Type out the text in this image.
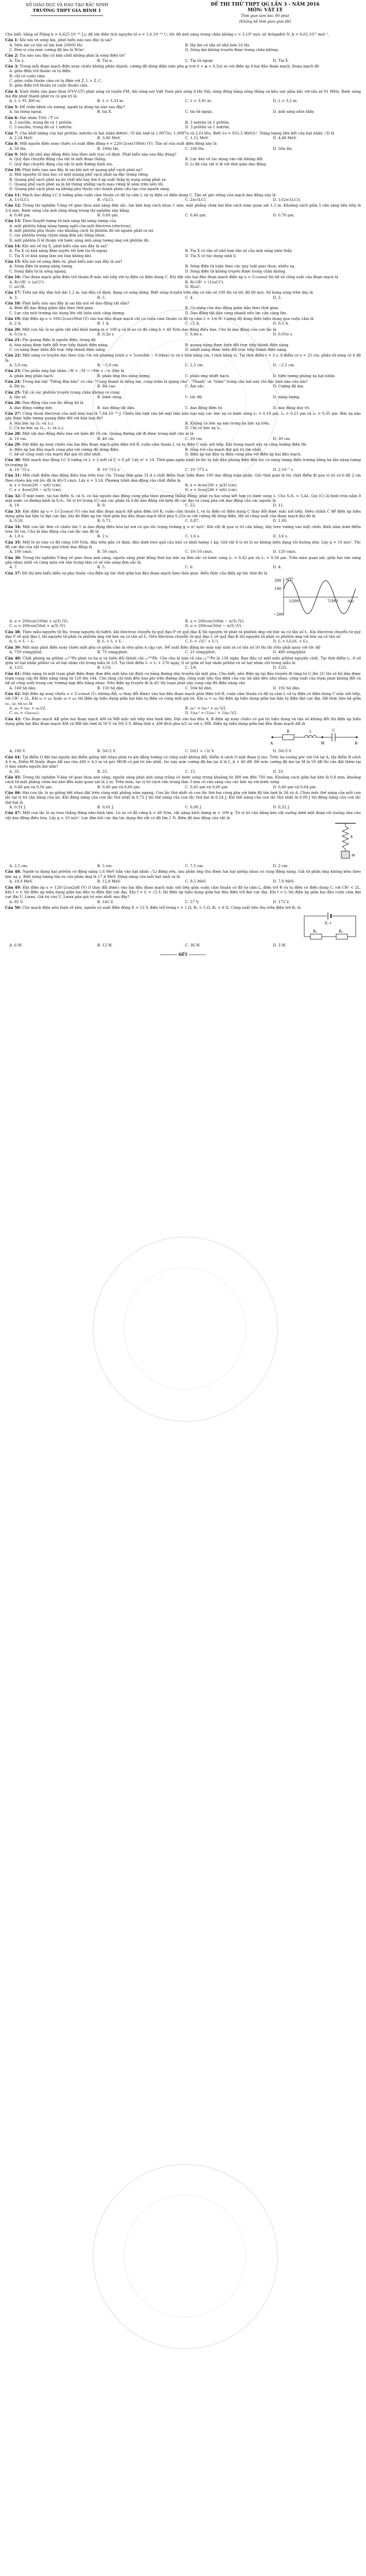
SỞ GIÁO DỤC VÀ ĐÀO TẠO BẮC NINH
TRƯỜNG THPT GIA BÌNH 1
ĐỀ THI THỬ THPT QG LẦN 3 - NĂM 2016
MÔN: VẬT LÝ
Thời gian làm bài: 90 phút
(Không kể thời gian giao đề)
Cho biết: hằng số Plăng h = 6,625.10⁻³⁴ J.s; độ lớn điện tích nguyên tố e = 1,6.10⁻¹⁹ C; tốc độ ánh sáng trong chân không c = 3.10⁸ m/s; số Avôgađrô N_A = 6,02.10²³ mol⁻¹.
Câu 1: Khi nói về sóng âm, phát biểu nào sau đây là sai?
A. Siêu âm có tần số lớn hơn 20000 Hz.	B. Hạ âm có tần số nhỏ hơn 16 Hz.
C. Đơn vị của mức cường độ âm là W/m².	D. Sóng âm không truyền được trong chân không.
Câu 2: Tia nào sau đây có bản chất không phải là sóng điện từ?
A. Tia γ.	B. Tia α.	C. Tia tử ngoại.	D. Tia X.
Câu 3: Trong mỗi đoạn mạch điện xoay chiều không phân nhánh, cường độ dòng điện sớm pha φ (với 0 < φ < 0,5π) so với điện áp ở hai đầu đoạn mạch. Đoạn mạch đó
A. gồm điện trở thuần và tụ điện.
B. chỉ có cuộn cảm.
C. gồm cuộn thuần cảm và tụ điện với Z_L > Z_C.
D. gồm điện trở thuần và cuộn thuần cảm.
Câu 4: Kính thiên văn giao thoa (VVV-GT) phát sóng vô tuyến FM, dài sóng nói Việt Nam phủ sóng ở Hà Nội, sóng đồng bằng sông Hồng và khu vực phía bắc với tần số 91 MHz. Bước sóng mà đài phát thanh phát ra có giá trị là
A. λ = 91,300 m.	B. λ = 3,33 m.	C. λ = 3,91 m.	D. λ = 3,2 m.
Câu 5: Để chữa bệnh còi xương, người ta dùng tia nào sau đây?
A. tia hồng ngoại.	B. tia X.	C. tia tử ngoại.	D. ánh sáng nhìn thấy.
Câu 6: Hạt nhân Triti ₁³T có
A. 3 nuclôn, trong đó có 1 prôtôn.	B. 3 nơtrôn và 1 prôtôn.
C. 3 nuclôn, trong đó có 1 nơtrôn.	D. 3 prôtôn và 1 nơtrôn.
Câu 7: Cho khối lượng của hạt prôtôn; nơtrôn và hạt nhân đơteri ₁²D lần lượt là 1,0073u; 1,0087u và 2,0136u. Biết 1u = 931,5 MeV/c². Năng lượng liên kết của hạt nhân ₁²D là
A. 2,24 MeV.	B. 3,06 MeV.	C. 1,12 MeV.	D. 4,48 MeV.
Câu 8: Một nguồn điện xoay chiều có suất điện động e = 220√2cos(100πt) (V). Tần số của suất điện động này là
A. 50 Hz.	B. 100π Hz.	C. 100 Hz.	D. 50π Hz.
Câu 9: Một vật nhỏ dao động điều hòa theo một trục cố định. Phát biểu nào sau đây đúng?
A. Quỹ đạo chuyển động của vật là một đoạn thẳng.	B. Lực kéo về tác dụng vào vật không đổi.
C. Quỹ đạo chuyển động của vật là một đường hình sin.	D. Li độ của vật tỉ lệ với thời gian dao động.
Câu 10: Phát biểu nào sau đây là sai khi nói về quang phổ vạch phát xạ?
A. Mỗi nguyên tố hóa học có một quang phổ vạch phát xạ đặc trưng riêng.
B. Quang phổ vạch phát xạ do chất khí hay hơi ở áp suất thấp bị nung nóng phát ra.
C. Quang phổ vạch phát xạ là hệ thống những vạch màu riêng lẻ nằm trên nền tối.
D. Quang phổ vạch phát xạ không phụ thuộc vào thành phần cấu tạo của nguồn sáng.
Câu 11: Mạch dao động LC lí tưởng gồm cuộn cảm thuần có độ tự cảm L và tụ điện có điện dung C. Tần số góc riêng của mạch dao động này là
A. 1/√(LC).	B. √(LC).	C. 2π√(LC).	D. 1/(2π√(LC)).
Câu 12: Trong thí nghiệm Y-âng về giao thoa ánh sáng đơn sắc, hai khe hẹp cách nhau 1 mm, mặt phẳng chứa hai khe cách màn quan sát 1,5 m. Khoảng cách giữa 5 vân sáng liên tiếp là 3,6 mm. Bước sóng của ánh sáng dùng trong thí nghiệm này bằng
A. 0,48 μm.	B. 0,60 μm.	C. 0,40 μm.	D. 0,76 μm.
Câu 13: Theo thuyết lượng tử ánh sáng thì năng lượng của
A. một phôtôn bằng năng lượng nghỉ của một êlectron (electron).
B. một phôtôn phụ thuộc vào khoảng cách từ phôtôn đó tới nguồn phát ra nó.
C. các phôtôn trong chùm sáng đơn sắc bằng nhau.
D. một phôtôn tỉ lệ thuận với bước sóng ánh sáng tương ứng với phôtôn đó.
Câu 14: Khi nói về tia X, phát biểu nào sau đây là sai?
A. Tia X có khả năng đâm xuyên tốt hơn tia tử ngoại.	B. Tia X có tần số nhỏ hơn tần số của ánh sáng nhìn thấy.
C. Tia X có khả năng làm ion hóa không khí.	D. Tia X có tác dụng sinh lí.
Câu 15: Khi nói về sóng điện từ, phát biểu nào sau đây là sai?
A. Sóng điện từ mang năng lượng.	B. Sóng điện từ tuân theo các quy luật giao thoa, nhiễu xạ.
C. Sóng điện từ là sóng ngang.	D. Sóng điện từ không truyền được trong chân không.
Câu 16: Cho đoạn mạch gồm điện trở thuần R mắc nối tiếp với tụ điện có điện dung C. Khi đặt vào hai đầu đoạn mạch điện áp u = U₀cosωt thì hệ số công suất của đoạn mạch là
A. R/√(R² + (ωC)²).	B. R/√(R² + (1/ωC)²).
C. ωC/R.	D. R/ωC.
Câu 17: Trên sợi dây đàn hồi dài 1,2 m, hai đầu cố định, đang có sóng dừng. Biết sóng truyền trên dây có tần số 100 Hz và tốc độ 80 m/s. Số bụng sóng trên dây là
A. 3.	B. 5.	C. 4.	D. 2.
Câu 18: Phát biểu nào sau đây là sai khi nói về dao động tắt dần?
A. Biên độ dao động giảm dần theo thời gian.	B. Cơ năng của dao động giảm dần theo thời gian.
C. Lực cản môi trường tác dụng lên vật luôn sinh công dương.	D. Dao động tắt dần càng nhanh nếu lực cản càng lớn.
Câu 19: Đặt điện áp u = 100√2cos100πt (V) vào hai đầu đoạn mạch chỉ có cuộn cảm thuần có độ tự cảm L = 1/π H. Cường độ dòng điện hiệu dụng qua cuộn cảm là
A. 2 A.	B. 1 A.	C. √2 A.	D. 0,5 A.
Câu 20: Một con lắc lò xo gồm vật nhỏ khối lượng m = 100 g và lò xo có độ cứng k = 40 N/m dao động điều hòa. Chu kì dao động của con lắc là
A. 0,1π s.	B. 0,2π s.	C. 0,4π s.	D. 0,05π s.
Câu 21: Pin quang điện là nguồn điện, trong đó
A. hóa năng được biến đổi trực tiếp thành điện năng.	B. quang năng được biến đổi trực tiếp thành điện năng.
C. cơ năng được biến đổi trực tiếp thành điện năng.	D. nhiệt năng được biến đổi trực tiếp thành điện năng.
Câu 22: Một sóng cơ truyền dọc theo trục Ox với phương trình u = 5cos(8πt − 0,04πx) (u và x tính bằng cm, t tính bằng s). Tại thời điểm t = 3 s, ở điểm có x = 25 cm, phần tử sóng có li độ là
A. 5,0 cm.	B. −5,0 cm.	C. 2,5 cm.	D. −2,5 cm.
Câu 23: Cho phản ứng hạt nhân ₁²H + ₁³H → ₂⁴He + ₀¹n. Đây là
A. phản ứng phân hạch.	B. phản ứng thu năng lượng.	C. phản ứng nhiệt hạch.	D. hiện tượng phóng xạ hạt nhân.
Câu 24: Trong bài hát "Tiếng đàn bầu" có câu: "Cung thanh là tiếng mẹ, cung trầm là giọng cha". "Thanh" và "trầm" trong câu hát này chỉ đặc tính nào của âm?
A. Độ to.	B. Độ cao.	C. Âm sắc.	D. Cường độ âm.
Câu 25: Tất cả các phôtôn truyền trong chân không có cùng
A. tần số.	B. bước sóng.	C. tốc độ.	D. năng lượng.
Câu 26: Dao động của con lắc đồng hồ là
A. dao động cưỡng bức.	B. dao động tắt dần.	C. dao động điện từ.	D. dao động duy trì.
Câu 27: Công thoát êlectron của một kim loại là 7,64.10⁻¹⁹ J. Chiếu lần lượt vào bề mặt tấm kim loại này các bức xạ có bước sóng λ₁ = 0,18 μm, λ₂ = 0,21 μm và λ₃ = 0,35 μm. Bức xạ nào gây được hiện tượng quang điện đối với kim loại đó?
A. Hai bức xạ (λ₁ và λ₂).	B. Không có bức xạ nào trong ba bức xạ trên.
C. Cả ba bức xạ (λ₁, λ₂ và λ₃).	D. Chỉ có bức xạ λ₁.
Câu 28: Một vật dao động điều hòa với biên độ 10 cm. Quãng đường vật đi được trong một chu kì là
A. 10 cm.	B. 40 cm.	C. 20 cm.	D. 30 cm.
Câu 29: Đặt điện áp xoay chiều vào hai đầu đoạn mạch gồm điện trở R, cuộn cảm thuần L và tụ điện C mắc nối tiếp. Khi trong mạch xảy ra cộng hưởng điện thì
A. điện áp hai đầu mạch cùng pha với cường độ dòng điện.	B. tổng trở của mạch đạt giá trị lớn nhất.
C. hệ số công suất của mạch đạt giá trị nhỏ nhất.	D. điện áp hai đầu tụ điện cùng pha với điện áp hai đầu mạch.
Câu 30: Một mạch dao động LC lí tưởng có L = 2 mH và C = 8 pF. Lấy π² = 10. Thời gian ngắn nhất từ lúc tụ bắt đầu phóng điện đến lúc có năng lượng điện trường bằng ba lần năng lượng từ trường là
A. 10⁻⁷/3 s.	B. 10⁻⁶/15 s.	C. 10⁻⁵/75 s.	D. 2.10⁻⁷ s.
Câu 31: Một chất điểm dao động điều hòa trên trục Ox. Trong thời gian 31,4 s chất điểm thực hiện được 100 dao động toàn phần. Gốc thời gian là lúc chất điểm đi qua vị trí có li độ 2 cm theo chiều âm với tốc độ là 40√3 cm/s. Lấy π = 3,14. Phương trình dao động của chất điểm là
A. x = 6cos(20t − π/6) (cm).	B. x = 4cos(20t + π/3) (cm).
C. x = 4cos(20t − π/3) (cm).	D. x = 6cos(20t + π/6) (cm).
Câu 32: Ở mặt nước, tại hai điểm S₁ và S₂ có hai nguồn dao động cùng pha theo phương thẳng đứng, phát ra hai sóng kết hợp có bước sóng λ. Cho S₁S₂ = 5,4λ. Gọi (C) là hình tròn nằm ở mặt nước có đường kính là S₁S₂. Số vị trí trong (C) mà các phần tử ở đó dao động với biên độ cực đại và cùng pha với dao động của các nguồn là
A. 18.	B. 9.	C. 22.	D. 11.
Câu 33: Đặt điện áp u = U√2cosωt (V) vào hai đầu đoạn mạch AB gồm điện trở R, cuộn cảm thuần L và tụ điện có điện dung C thay đổi được mắc nối tiếp. Điều chỉnh C để điện áp hiệu dụng giữa hai bản tụ đạt cực đại, khi đó điện áp tức thời giữa hai đầu đoạn mạch lệch pha 0,25π so với cường độ dòng điện. Hệ số công suất của đoạn mạch khi đó là
A. 0,50.	B. 0,71.	C. 0,87.	D. 1,00.
Câu 34: Một con lắc đơn có chiều dài 1 m dao động điều hòa tại nơi có gia tốc trọng trường g = π² m/s². Khi vật đi qua vị trí cân bằng, dây treo vướng vào một chiếc đinh nằm dưới điểm treo 36 cm. Chu kì dao động của con lắc sau đó là
A. 1,8 s.	B. 2 s.	C. 1,6 s.	D. 3,6 s.
Câu 35: Một lò xo nhẹ có độ cứng 100 N/m, đầu trên gắn cố định, đầu dưới treo quả cầu nhỏ có khối lượng 1 kg. Giữ vật ở vị trí lò xo không biến dạng rồi buông nhẹ. Lấy g = 10 m/s². Tốc độ cực đại của vật trong quá trình dao động là
A. 100 cm/s.	B. 50 cm/s.	C. 10√10 cm/s.	D. 120 cm/s.
Câu 36: Trong thí nghiệm Y-âng về giao thoa ánh sáng, nguồn sáng phát đồng thời hai bức xạ đơn sắc có bước sóng λ₁ = 0,42 μm và λ₂ = 0,56 μm. Trên màn quan sát, giữa hai vân sáng gần nhau nhất và cùng màu với vân trung tâm có số vân sáng đơn sắc là
A. 7.	B. 5.	C. 6.	D. 4.
Câu 37: Đồ thị bên biểu diễn sự phụ thuộc của điện áp tức thời giữa hai đầu đoạn mạch theo thời gian. Biểu thức của điện áp tức thời đó là
200
100
−200
u(V)
t(s)
1/300	7/300
A. u = 200cos(100πt + π/3) (V).	B. u = 200cos(100πt − π/3) (V).
C. u = 200cos(50πt + π/3) (V).	D. u = 200cos(50πt − π/3) (V).
Câu 38: Theo mẫu nguyên tử Bo, trong nguyên tử hiđrô, khi êlectron chuyển từ quỹ đạo P về quỹ đạo K thì nguyên tử phát ra phôtôn ứng với bức xạ có tần số f₁. Khi êlectron chuyển từ quỹ đạo P về quỹ đạo L thì nguyên tử phát ra phôtôn ứng với bức xạ có tần số f₂. Nếu êlectron chuyển từ quỹ đạo L về quỹ đạo K thì nguyên tử phát ra phôtôn ứng với bức xạ có tần số
A. f₃ = f₁ − f₂.	B. f₃ = f₁ + f₂.	C. f₃ = √(f₁² + f₂²).	D. f₃ = f₁f₂/(f₁ + f₂).
Câu 39: Một máy phát điện xoay chiều một pha có phần cảm là rôto gồm 4 cặp cực. Để suất điện động do máy này sinh ra có tần số 50 Hz thì rôto phải quay với tốc độ
A. 750 vòng/phút.	B. 75 vòng/phút.	C. 25 vòng/phút.	D. 480 vòng/phút.
Câu 40: Chất phóng xạ pôlôni ₈₄²¹⁰Po phát ra tia α và biến đổi thành chì ₈₂²⁰⁶Pb. Cho chu kì bán rã của ₈₄²¹⁰Po là 138 ngày. Ban đầu có một mẫu pôlôni nguyên chất. Tại thời điểm t₁, tỉ số giữa số hạt nhân pôlôni và số hạt nhân chì trong mẫu là 1/3. Tại thời điểm t₂ = t₁ + 276 ngày, tỉ số giữa số hạt nhân pôlôni và số hạt nhân chì trong mẫu là
A. 1/15.	B. 1/16.	C. 1/9.	D. 1/25.
Câu 41: Điện năng từ một trạm phát điện được đưa đến một khu tái định cư bằng đường dây truyền tải một pha. Cho biết, nếu điện áp tại đầu truyền đi tăng từ U lên 2U thì số hộ dân được trạm cung cấp đủ điện năng tăng từ 120 lên 144. Cho rằng chỉ tính đến hao phí trên đường dây, công suất tiêu thụ điện của các hộ dân đều như nhau, công suất của trạm phát không đổi và hệ số công suất trong các trường hợp đều bằng nhau. Nếu điện áp truyền đi là 4U thì trạm phát này cung cấp đủ điện năng cho
A. 168 hộ dân.	B. 150 hộ dân.	C. 504 hộ dân.	D. 192 hộ dân.
Câu 42: Đặt điện áp xoay chiều u = U₀cosωt (U₀ không đổi, ω thay đổi được) vào hai đầu đoạn mạch gồm điện trở R, cuộn cảm thuần có độ tự cảm L và tụ điện có điện dung C mắc nối tiếp, với CR² < 2L. Khi ω = ω₁ hoặc ω = ω₂ thì điện áp hiệu dụng giữa hai bản tụ điện có cùng một giá trị. Khi ω = ω₀ thì điện áp hiệu dụng giữa hai bản tụ điện đạt cực đại. Hệ thức liên hệ giữa ω₁, ω₂ và ω₀ là
A. ω₀ = (ω₁ + ω₂)/2.	B. ω₀² = (ω₁² + ω₂²)/2.
C. ω₀ = √(ω₁ω₂).	D. 1/ω₀² = (1/ω₁² + 1/ω₂²)/2.
Câu 43: Cho đoạn mạch AB gồm hai đoạn mạch AM và MB mắc nối tiếp như hình bên. Đặt vào hai đầu A, B điện áp xoay chiều có giá trị hiệu dụng và tần số không đổi thì điện áp hiệu dụng giữa hai đầu đoạn mạch AM và MB lần lượt là 50 V và 50√3 V, đồng thời u_AM lệch pha π/2 so với u_MB. Điện áp hiệu dụng giữa hai đầu đoạn mạch AB là
A	M	B
R	L	C
A. 100 V.	B. 50√2 V.	C. 50(1 + √3) V.	D. 50√3 V.
Câu 44: Tại điểm O đặt hai nguồn âm điểm giống hệt nhau phát ra âm đẳng hướng có công suất không đổi. Điểm A cách O một đoạn d (m). Trên tia vuông góc với OA tại A, lấy điểm B cách A 6 m. Điểm M thuộc đoạn AB sao cho AM = 4,5 m và góc MOB có giá trị lớn nhất, lúc này mức cường độ âm tại A là L_A = 40 dB. Để mức cường độ âm tại M là 50 dB thì cần đặt thêm tại O bao nhiêu nguồn âm nữa?
A. 35.	B. 25.	C. 15.	D. 33.
Câu 45: Trong thí nghiệm Y-âng về giao thoa ánh sáng, nguồn sáng phát ánh sáng trắng có bước sóng trong khoảng từ 380 nm đến 760 nm. Khoảng cách giữa hai khe là 0,8 mm, khoảng cách từ mặt phẳng chứa hai khe đến màn quan sát là 2 m. Trên màn, tại vị trí cách vân trung tâm 3 mm có vân sáng của các bức xạ với bước sóng
A. 0,48 μm và 0,56 μm.	B. 0,40 μm và 0,60 μm.	C. 0,45 μm và 0,60 μm.	D. 0,40 μm và 0,64 μm.
Câu 46: Hai con lắc lò xo giống hệt nhau đặt trên cùng mặt phẳng nằm ngang. Con lắc thứ nhất và con lắc thứ hai cùng pha với biên độ lần lượt là 3A và A. Chọn mốc thế năng của mỗi con lắc tại vị trí cân bằng của nó. Khi động năng của con lắc thứ nhất là 0,72 J thì thế năng của con lắc thứ hai là 0,24 J. Khi thế năng của con lắc thứ nhất là 0,09 J thì động năng của con lắc thứ hai là
A. 0,31 J.	B. 0,01 J.	C. 0,08 J.	D. 0,32 J.
Câu 47: Một con lắc lò xo treo thẳng đứng như hình bên. Lò xo có độ cứng k = 40 N/m, vật nặng khối lượng m = 100 g. Từ vị trí cân bằng kéo vật xuống dưới một đoạn rồi buông nhẹ cho vật dao động điều hòa. Lấy g = 10 m/s². Lực đàn hồi cực đại tác dụng lên vật có độ lớn 2 N. Biên độ dao động của vật là
k
m
A. 2,5 cm.	B. 5 cm.	C. 7,5 cm.	D. 2 cm.
Câu 48: Người ta dùng hạt prôtôn có động năng 1,6 MeV bắn vào hạt nhân ₃⁷Li đứng yên, sau phản ứng thu được hai hạt giống nhau có cùng động năng. Giả sử phản ứng không kèm theo bức xạ γ. Biết năng lượng tỏa ra của phản ứng là 17,4 MeV. Động năng của mỗi hạt sinh ra là
A. 19,0 MeV.	B. 15,8 MeV.	C. 9,5 MeV.	D. 7,9 MeV.
Câu 49: Đặt điện áp u = 120√2cos2πft (V) (f thay đổi được) vào hai đầu đoạn mạch mắc nối tiếp gồm cuộn cảm thuần có độ tự cảm L, điện trở R và tụ điện có điện dung C, với CR² < 2L. Khi f = f₁ thì điện áp hiệu dụng giữa hai đầu tụ điện đạt cực đại. Khi f = f₂ = √2 f₁ thì điện áp hiệu dụng giữa hai đầu điện trở đạt cực đại. Khi f = f₃ thì điện áp giữa hai đầu cuộn cảm đạt cực đại U_Lmax. Giá trị của U_Lmax gần giá trị nào nhất sau đây?
A. 85 V.	B. 145 V.	C. 57 V.	D. 173 V.
Câu 50: Cho mạch điện như hình vẽ bên, nguồn có suất điện động E = 12 V, điện trở trong r = 1 Ω, R₁ = 5 Ω, R₂ = 6 Ω. Công suất tiêu thụ trên điện trở R₂ là
E, r
R₁	R₂
A. 6 W.	B. 12 W.	C. 36 W.	D. 3 W.
----------- HẾT -----------
